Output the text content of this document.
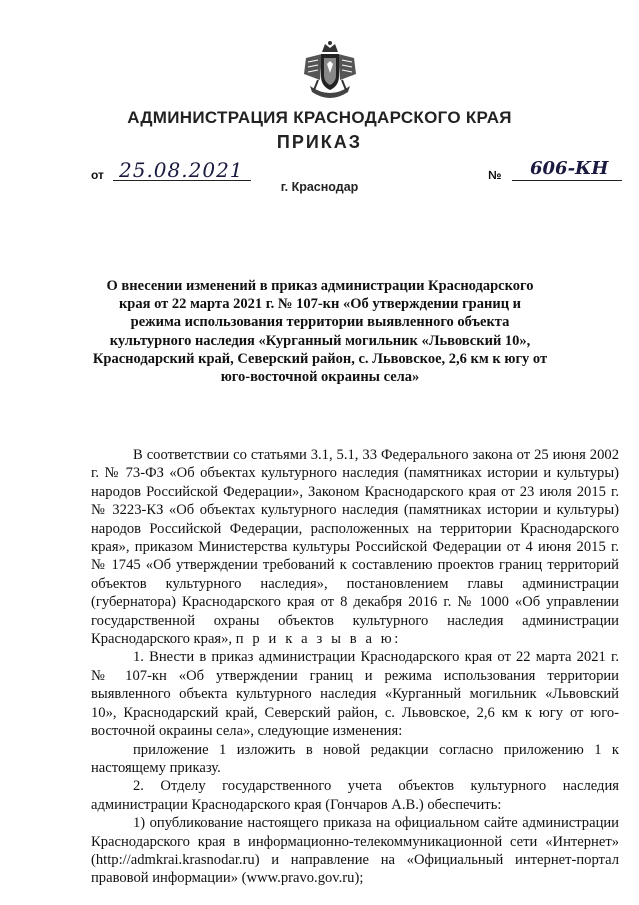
АДМИНИСТРАЦИЯ КРАСНОДАРСКОГО КРАЯ
ПРИКАЗ
от 25.08.2021	№ 606-КН
г. Краснодар
О внесении изменений в приказ администрации Краснодарского края от 22 марта 2021 г. № 107-кн «Об утверждении границ и режима использования территории выявленного объекта культурного наследия «Курганный могильник «Львовский 10», Краснодарский край, Северский район, с. Львовское, 2,6 км к югу от юго-восточной окраины села»

В соответствии со статьями 3.1, 5.1, 33 Федерального закона от 25 июня 2002 г. № 73-ФЗ «Об объектах культурного наследия (памятниках истории и культуры) народов Российской Федерации», Законом Краснодарского края от 23 июля 2015 г. № 3223-КЗ «Об объектах культурного наследия (памятниках истории и культуры) народов Российской Федерации, расположенных на территории Краснодарского края», приказом Министерства культуры Российской Федерации от 4 июня 2015 г. № 1745 «Об утверждении требований к составлению проектов границ территорий объектов культурного наследия», постановлением главы администрации (губернатора) Краснодарского края от 8 декабря 2016 г. № 1000 «Об управлении государственной охраны объектов культурного наследия администрации Краснодарского края», п р и к а з ы в а ю:

1. Внести в приказ администрации Краснодарского края от 22 марта 2021 г. № 107-кн «Об утверждении границ и режима использования территории выявленного объекта культурного наследия «Курганный могильник «Львовский 10», Краснодарский край, Северский район, с. Львовское, 2,6 км к югу от юго-восточной окраины села», следующие изменения:

приложение 1 изложить в новой редакции согласно приложению 1 к настоящему приказу.

2. Отделу государственного учета объектов культурного наследия администрации Краснодарского края (Гончаров А.В.) обеспечить:

1) опубликование настоящего приказа на официальном сайте администрации Краснодарского края в информационно-телекоммуникационной сети «Интернет» (http://admkrai.krasnodar.ru) и направление на «Официальный интернет-портал правовой информации» (www.pravo.gov.ru);
